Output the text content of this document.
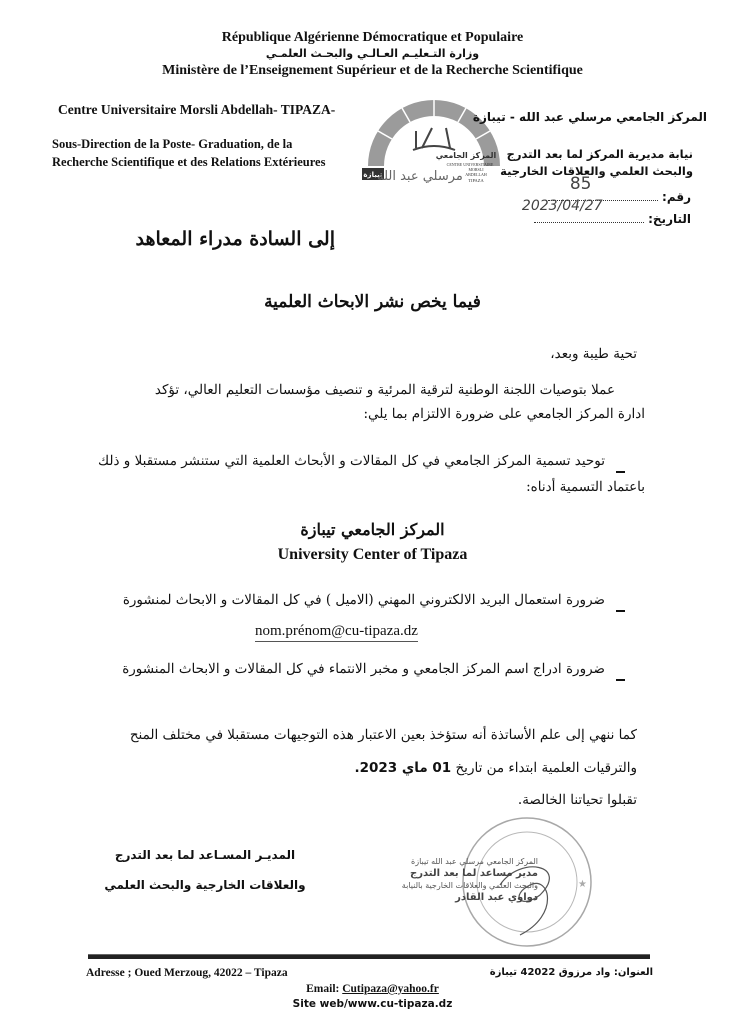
République Algérienne Démocratique et Populaire
وزارة التـعليـم العـالـي والبحـث العلمـي
Ministère de l’Enseignement Supérieur et de la Recherche Scientifique
Centre Universitaire Morsli Abdellah- TIPAZA-
Sous-Direction de la Poste- Graduation, de la
Recherche Scientifique et des Relations Extérieures	المركز الجامعي
CENTRE UNIVERSITAIRE
MORSLI
ABDELLAH
TIPAZA
تيبازة
مرسلي عبد الله
المركز الجامعي مرسلي عبد الله - تيبازة
نيابة مديرية المركز لما بعد التدرج
والبحث العلمي والعلاقات الخارجية
رقم:
85
التاريخ:
2023/04/27
إلى السادة مدراء المعاهد
فيما يخص نشر الابحاث العلمية
تحية طيبة وبعد،
عملا بتوصيات اللجنة الوطنية لترقية المرئية و تنصيف مؤسسات التعليم العالي، تؤكد
ادارة المركز الجامعي على ضرورة الالتزام بما يلي:
توحيد تسمية المركز الجامعي في كل المقالات و الأبحاث العلمية التي ستنشر مستقبلا و ذلك
باعتماد التسمية أدناه:
المركز الجامعي تيبازة
University Center of Tipaza
ضرورة استعمال البريد الالكتروني المهني (الاميل ) في كل المقالات و الابحاث لمنشورة
nom.prénom@cu-tipaza.dz
ضرورة ادراج اسم المركز الجامعي و مخبر الانتماء في كل المقالات و الابحاث المنشورة
كما ننهي إلى علم الأساتذة أنه ستؤخذ بعين الاعتبار هذه التوجيهات مستقبلا في مختلف المنح
والترقيات العلمية ابتداء من تاريخ 01 ماي 2023.
تقبلوا تحياتنا الخالصة.
المديـر المسـاعد لما بعد التدرج
والعلاقات الخارجية والبحث العلمي	★
المركز الجامعي مرسلي عبد الله تيبازة
مدير مساعد لما بعد التدرج
والبحث العلمي والعلاقات الخارجية بالنيابة
دواوي عبد القادر
Adresse ; Oued Merzoug, 42022 – Tipaza	العنوان: واد مرزوق 42022 تيبازة
Email: Cutipaza@yahoo.fr
Site web/www.cu-tipaza.dz
